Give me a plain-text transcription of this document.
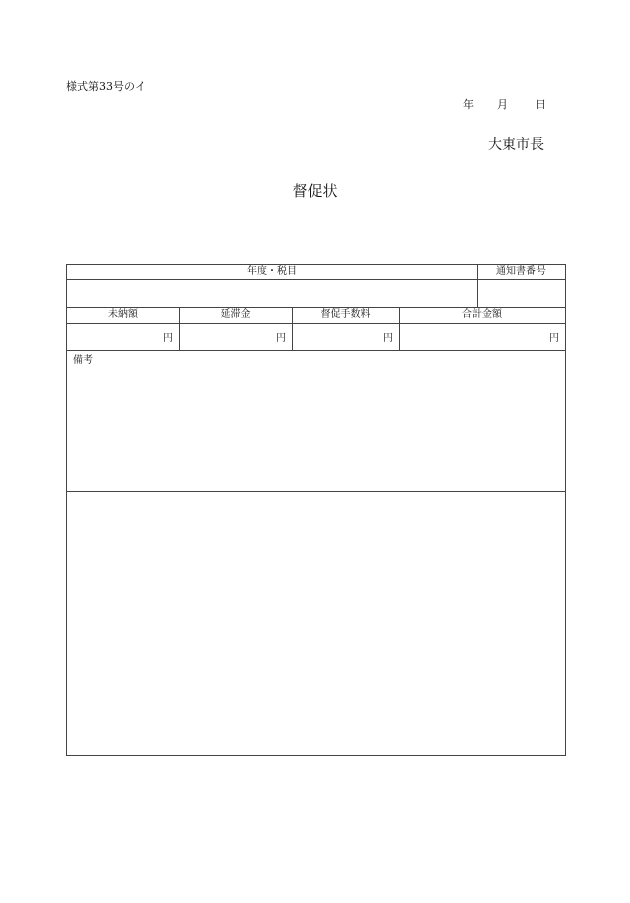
様式第33号のイ
年 月 日
大東市長
督促状
年度・税目	通知書番号
未納額	延滞金	督促手数料	合計金額
円	円	円	円
備考
